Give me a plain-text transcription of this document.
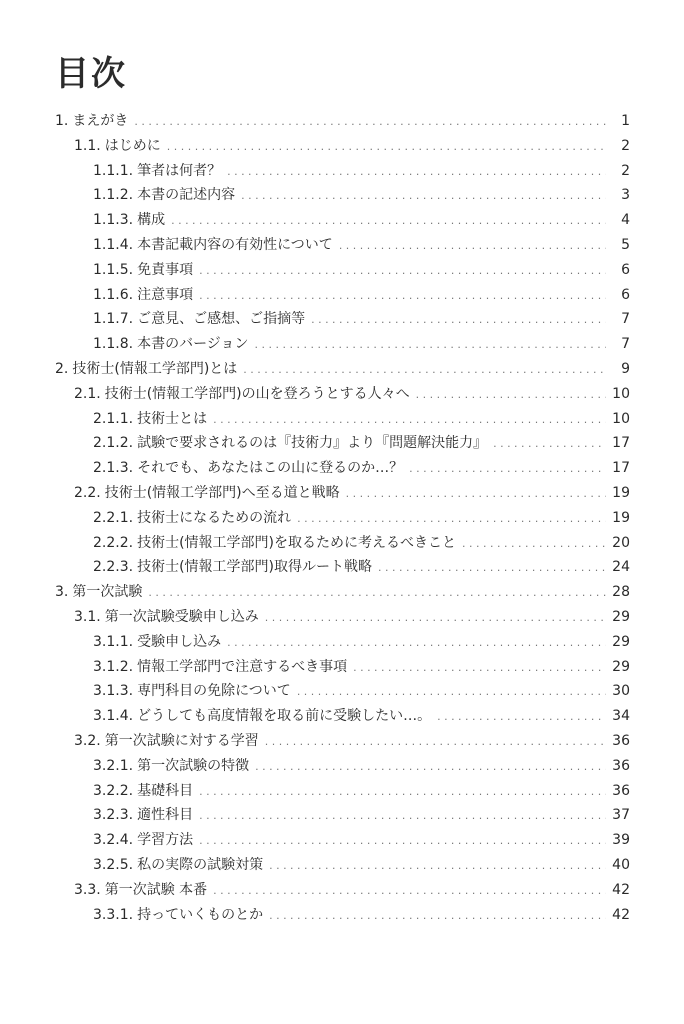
目次
1. まえがき . . .	1
1.1. はじめに . . .	2
1.1.1. 筆者は何者？ . . .	2
1.1.2. 本書の記述内容 . . .	3
1.1.3. 構成 . . .	4
1.1.4. 本書記載内容の有効性について . . .	5
1.1.5. 免責事項 . . .	6
1.1.6. 注意事項 . . .	6
1.1.7. ご意見、ご感想、ご指摘等 . . .	7
1.1.8. 本書のバージョン . . .	7
2. 技術士(情報工学部門)とは . . .	9
2.1. 技術士(情報工学部門)の山を登ろうとする人々へ . . .	10
2.1.1. 技術士とは . . .	10
2.1.2. 試験で要求されるのは『技術力』より『問題解決能力』 . . .	17
2.1.3. それでも、あなたはこの山に登るのか…？ . . .	17
2.2. 技術士(情報工学部門)へ至る道と戦略 . . .	19
2.2.1. 技術士になるための流れ . . .	19
2.2.2. 技術士(情報工学部門)を取るために考えるべきこと . . .	20
2.2.3. 技術士(情報工学部門)取得ルート戦略 . . .	24
3. 第一次試験 . . .	28
3.1. 第一次試験受験申し込み . . .	29
3.1.1. 受験申し込み . . .	29
3.1.2. 情報工学部門で注意するべき事項 . . .	29
3.1.3. 専門科目の免除について . . .	30
3.1.4. どうしても高度情報を取る前に受験したい…。 . . .	34
3.2. 第一次試験に対する学習 . . .	36
3.2.1. 第一次試験の特徴 . . .	36
3.2.2. 基礎科目 . . .	36
3.2.3. 適性科目 . . .	37
3.2.4. 学習方法 . . .	39
3.2.5. 私の実際の試験対策 . . .	40
3.3. 第一次試験 本番 . . .	42
3.3.1. 持っていくものとか . . .	42
